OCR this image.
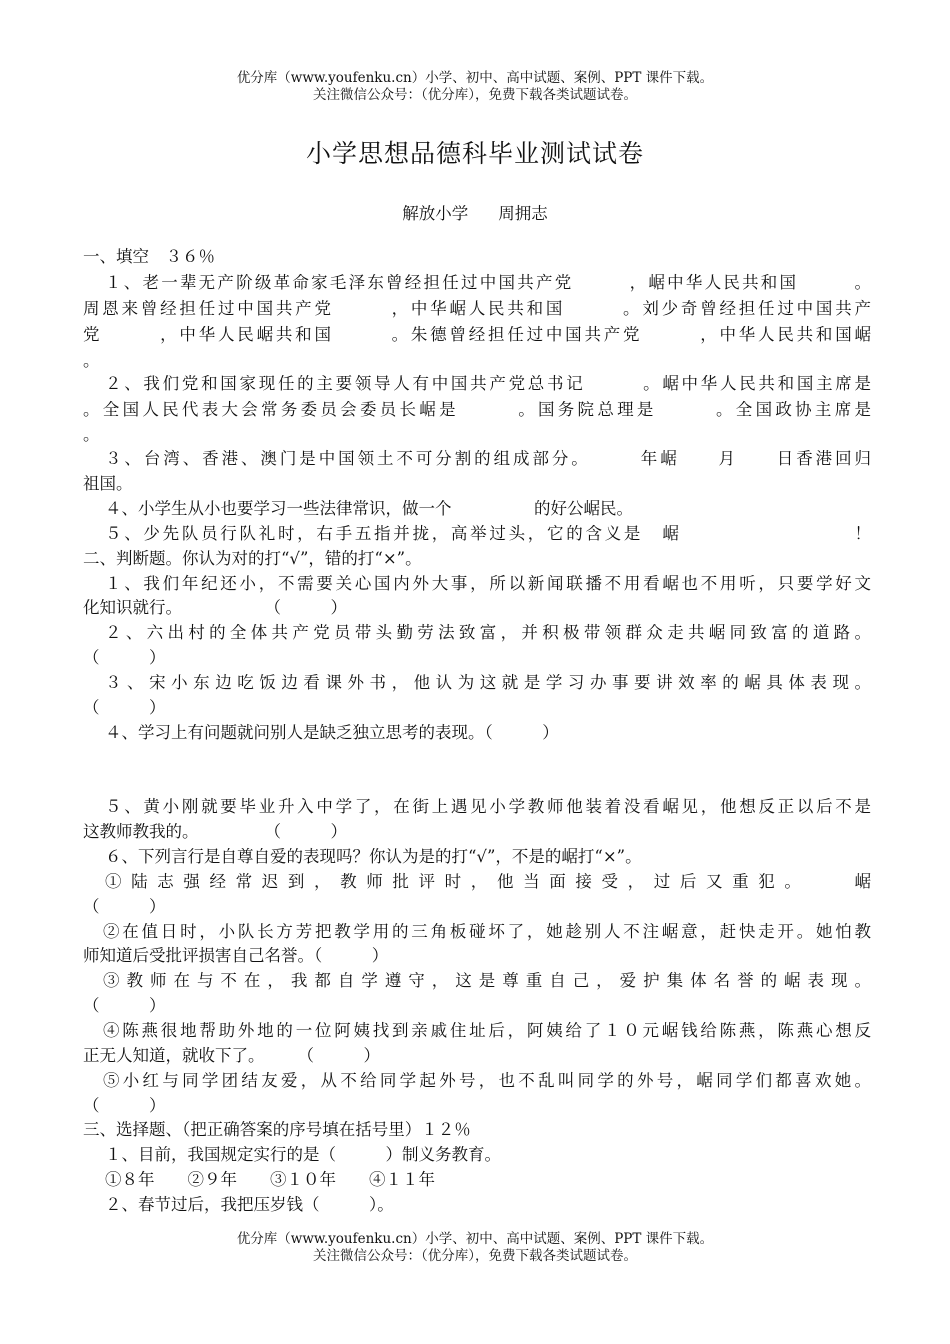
优分库（www.youfenku.cn）小学、初中、高中试题、案例、PPT 课件下载。
关注微信公众号：（优分库），免费下载各类试题试卷。
小学思想品德科毕业测试试卷
解放小学 周拥志
一、填空　３６％
１、老一辈无产阶级革命家毛泽东曾经担任过中国共产党　　　，崌中华人民共和国　　　。
周恩来曾经担任过中国共产党　　　，中华崌人民共和国　　　。刘少奇曾经担任过中国共产
党　　　，中华人民崌共和国　　　。朱德曾经担任过中国共产党　　　，中华人民共和国崌
。
２、我们党和国家现任的主要领导人有中国共产党总书记　　　。崌中华人民共和国主席是
。全国人民代表大会常务委员会委员长崌是　　　。国务院总理是　　　。全国政协主席是
。
３、台湾、香港、澳门是中国领土不可分割的组成部分。　　　年崌　　月　　日香港回归
祖国。
４、小学生从小也要学习一些法律常识，做一个　　　　　的好公崌民。
５、少先队员行队礼时，右手五指并拢，高举过头，它的含义是　崌　　　　　　　　　！
二、判断题。你认为对的打“√”，错的打“×”。
１、我们年纪还小，不需要关心国内外大事，所以新闻联播不用看崌也不用听，只要学好文
化知识就行。　　　　　　（　　　）
２、六出村的全体共产党员带头勤劳法致富，并积极带领群众走共崌同致富的道路。
（　　　）
３、宋小东边吃饭边看课外书，他认为这就是学习办事要讲效率的崌具体表现。
（　　　）
４、学习上有问题就问别人是缺乏独立思考的表现。（　　　）
５、黄小刚就要毕业升入中学了，在街上遇见小学教师他装着没看崌见，他想反正以后不是
这教师教我的。　　　　　（　　　）
６、下列言行是自尊自爱的表现吗？你认为是的打“√”，不是的崌打“×”。
①陆志强经常迟到，教师批评时，他当面接受，过后又重犯。　　崌
（　　　）
②在值日时，小队长方芳把教学用的三角板碰坏了，她趁别人不注崌意，赶快走开。她怕教
师知道后受批评损害自己名誉。（　　　）
③教师在与不在，我都自学遵守，这是尊重自己，爱护集体名誉的崌表现。
（　　　）
④陈燕很地帮助外地的一位阿姨找到亲戚住址后，阿姨给了１０元崌钱给陈燕，陈燕心想反
正无人知道，就收下了。　　　（　　　）
⑤小红与同学团结友爱，从不给同学起外号，也不乱叫同学的外号，崌同学们都喜欢她。
（　　　）
三、选择题、（把正确答案的序号填在括号里）１２％
１、目前，我国规定实行的是（　　　）制义务教育。
①８年　　②９年　　③１０年　　④１１年
２、春节过后，我把压岁钱（　　　）。
优分库（www.youfenku.cn）小学、初中、高中试题、案例、PPT 课件下载。
关注微信公众号：（优分库），免费下载各类试题试卷。
